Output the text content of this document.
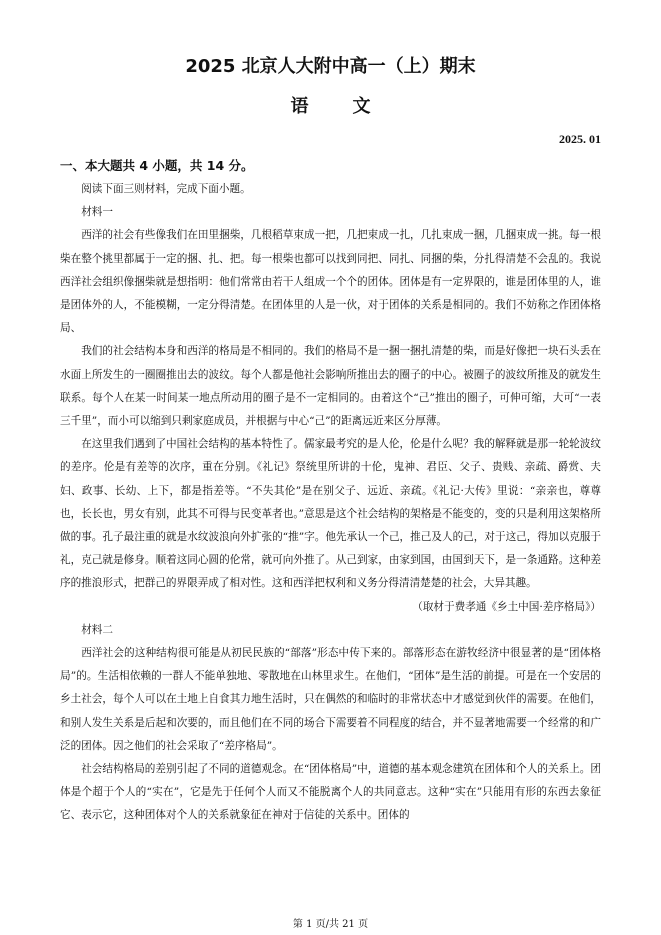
2025 北京人大附中高一（上）期末
语文
2025. 01
一、本大题共 4 小题，共 14 分。

阅读下面三则材料，完成下面小题。

材料一

西洋的社会有些像我们在田里捆柴，几根稻草束成一把，几把束成一扎，几扎束成一捆，几捆束成一挑。每一根柴在整个挑里都属于一定的捆、扎、把。每一根柴也都可以找到同把、同扎、同捆的柴，分扎得清楚不会乱的。我说西洋社会组织像捆柴就是想指明：他们常常由若干人组成一个个的团体。团体是有一定界限的，谁是团体里的人，谁是团体外的人，不能模糊，一定分得清楚。在团体里的人是一伙，对于团体的关系是相同的。我们不妨称之作团体格局、

我们的社会结构本身和西洋的格局是不相同的。我们的格局不是一捆一捆扎清楚的柴，而是好像把一块石头丢在水面上所发生的一圈圈推出去的波纹。每个人都是他社会影响所推出去的圈子的中心。被圈子的波纹所推及的就发生联系。每个人在某一时间某一地点所动用的圈子是不一定相同的。由着这个“己”推出的圈子，可伸可缩，大可“一表三千里”，而小可以缩到只剩家庭成员，并根据与中心“己”的距离远近来区分厚薄。

在这里我们遇到了中国社会结构的基本特性了。儒家最考究的是人伦，伦是什么呢？我的解释就是那一轮轮波纹的差序。伦是有差等的次序，重在分别。《礼记》祭统里所讲的十伦，鬼神、君臣、父子、贵贱、亲疏、爵赏、夫妇、政事、长幼、上下，都是指差等。“不失其伦”是在别父子、远近、亲疏。《礼记·大传》里说：“亲亲也，尊尊也，长长也，男女有别，此其不可得与民变革者也。”意思是这个社会结构的架格是不能变的，变的只是利用这架格所做的事。孔子最注重的就是水纹波浪向外扩张的“推”字。他先承认一个己，推己及人的己，对于这己，得加以克服于礼，克己就是修身。顺着这同心圆的伦常，就可向外推了。从己到家，由家到国，由国到天下，是一条通路。这种差序的推浪形式，把群己的界限弄成了相对性。这和西洋把权利和义务分得清清楚楚的社会，大异其趣。

（取材于费孝通《乡土中国·差序格局》）

材料二

西洋社会的这种结构很可能是从初民民族的“部落”形态中传下来的。部落形态在游牧经济中很显著的是“团体格局”的。生活相依赖的一群人不能单独地、零散地在山林里求生。在他们，“团体”是生活的前提。可是在一个安居的乡土社会，每个人可以在土地上自食其力地生活时，只在偶然的和临时的非常状态中才感觉到伙伴的需要。在他们，和别人发生关系是后起和次要的，而且他们在不同的场合下需要着不同程度的结合，并不显著地需要一个经常的和广泛的团体。因之他们的社会采取了“差序格局”。

社会结构格局的差别引起了不同的道德观念。在“团体格局”中，道德的基本观念建筑在团体和个人的关系上。团体是个超于个人的“实在”，它是先于任何个人而又不能脱离个人的共同意志。这种“实在”只能用有形的东西去象征它、表示它，这种团体对个人的关系就象征在神对于信徒的关系中。团体的

第 1 页/共 21 页
